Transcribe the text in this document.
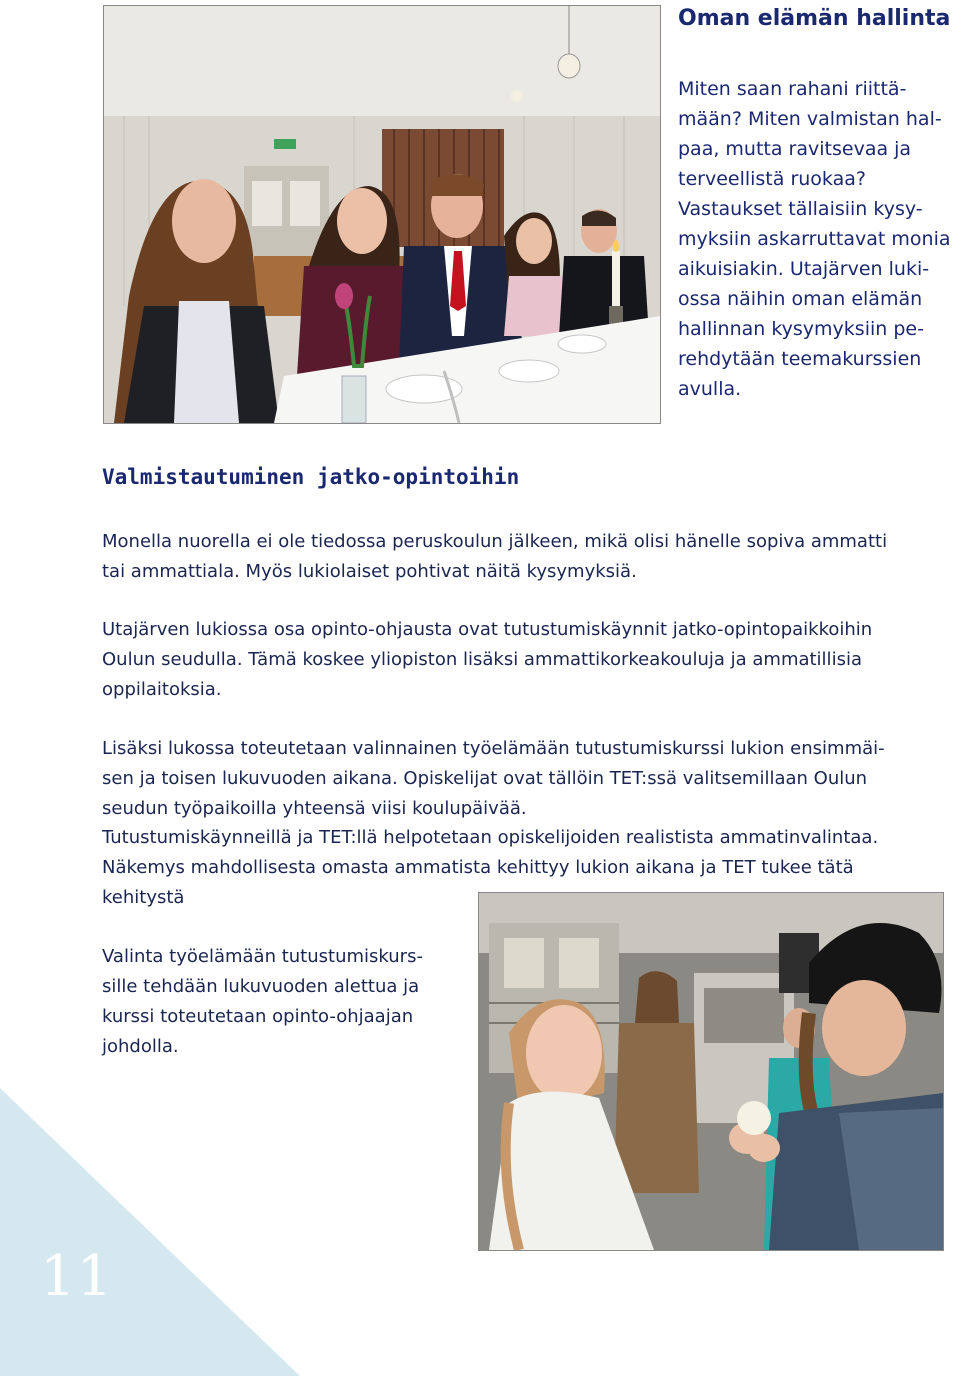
11
Oman elämän hallinta

Miten saan rahani riittä-
mään? Miten valmistan hal-
paa, mutta ravitsevaa ja
terveellistä ruokaa?
Vastaukset tällaisiin kysy-
myksiin askarruttavat monia
aikuisiakin. Utajärven luki-
ossa näihin oman elämän
hallinnan kysymyksiin pe-
rehdytään teemakurssien
avulla.

Valmistautuminen jatko-opintoihin

Monella nuorella ei ole tiedossa peruskoulun jälkeen, mikä olisi hänelle sopiva ammatti
tai ammattiala. Myös lukiolaiset pohtivat näitä kysymyksiä.

Utajärven lukiossa osa opinto-ohjausta ovat tutustumiskäynnit jatko-opintopaikkoihin
Oulun seudulla. Tämä koskee yliopiston lisäksi ammattikorkeakouluja ja ammatillisia
oppilaitoksia.

Lisäksi lukossa toteutetaan valinnainen työelämään tutustumiskurssi lukion ensimmäi-
sen ja toisen lukuvuoden aikana. Opiskelijat ovat tällöin TET:ssä valitsemillaan Oulun
seudun työpaikoilla yhteensä viisi koulupäivää.

Tutustumiskäynneillä ja TET:llä helpotetaan opiskelijoiden realistista ammatinvalintaa.

Näkemys mahdollisesta omasta ammatista kehittyy lukion aikana ja TET tukee tätä
kehitystä

Valinta työelämään tutustumiskurs-
sille tehdään lukuvuoden alettua ja
kurssi toteutetaan opinto-ohjaajan
johdolla.
